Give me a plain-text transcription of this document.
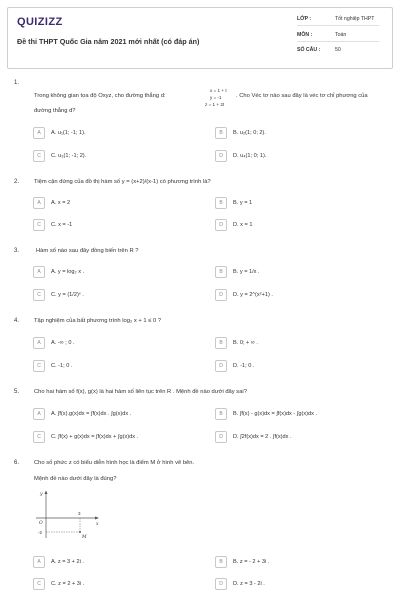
QUIZIZZ
Đề thi THPT Quốc Gia năm 2021 mới nhất (có đáp án)
LỚP :	Tốt nghiệp THPT
MÔN :	Toán
SỐ CÂU :	50
1.
x = 1 + t
y = -1
z = 1 + 2t
Trong không gian tọa độ Oxyz, cho đường thẳng d:	. Cho Véc tơ nào sau đây là véc tơ chỉ phương của
đường thẳng d?
A	A. u₁(1; -1; 1).	B	B. u₂(1; 0; 2).
C	C. u₃(1; -1; 2).	D	D. u₄(1; 0; 1).
2.	Tiệm cận đứng của đồ thị hàm số y = (x+2)/(x-1) có phương trình là?
A	A. x = 2	B	B. y = 1
C	C. x = -1	D	D. x = 1
3.	Hàm số nào sau đây đồng biến trên R ?
A	A. y = log₂ x .	B	B. y = 1/x .
C	C. y = (1/2)ˣ .	D	D. y = 2^(x²+1) .
4.	Tập nghiệm của bất phương trình log₂ x + 1 ≤ 0 ?
A	A. -∞ ; 0 .	B	B. 0; + ∞ .
C	C. -1; 0 .	D	D. -1; 0 .
5.	Cho hai hàm số f(x), g(x) là hai hàm số liên tục trên R . Mệnh đề nào dưới đây sai?
A	A. ∫f(x).g(x)dx = ∫f(x)dx . ∫g(x)dx .	B	B. ∫f(x) - g(x)dx = ∫f(x)dx - ∫g(x)dx .
C	C. ∫f(x) + g(x)dx = ∫f(x)dx + ∫g(x)dx .	D	D. ∫2f(x)dx = 2 . ∫f(x)dx .
6.	Cho số phức z có biểu diễn hình học là điểm M ở hình vẽ bên.
Mệnh đề nào dưới đây là đúng?
y
x
O
3
-2
M
A	A. z = 3 + 2i .	B	B. z = - 2 + 3i .
C	C. z = 2 + 3i .	D	D. z = 3 - 2i .
